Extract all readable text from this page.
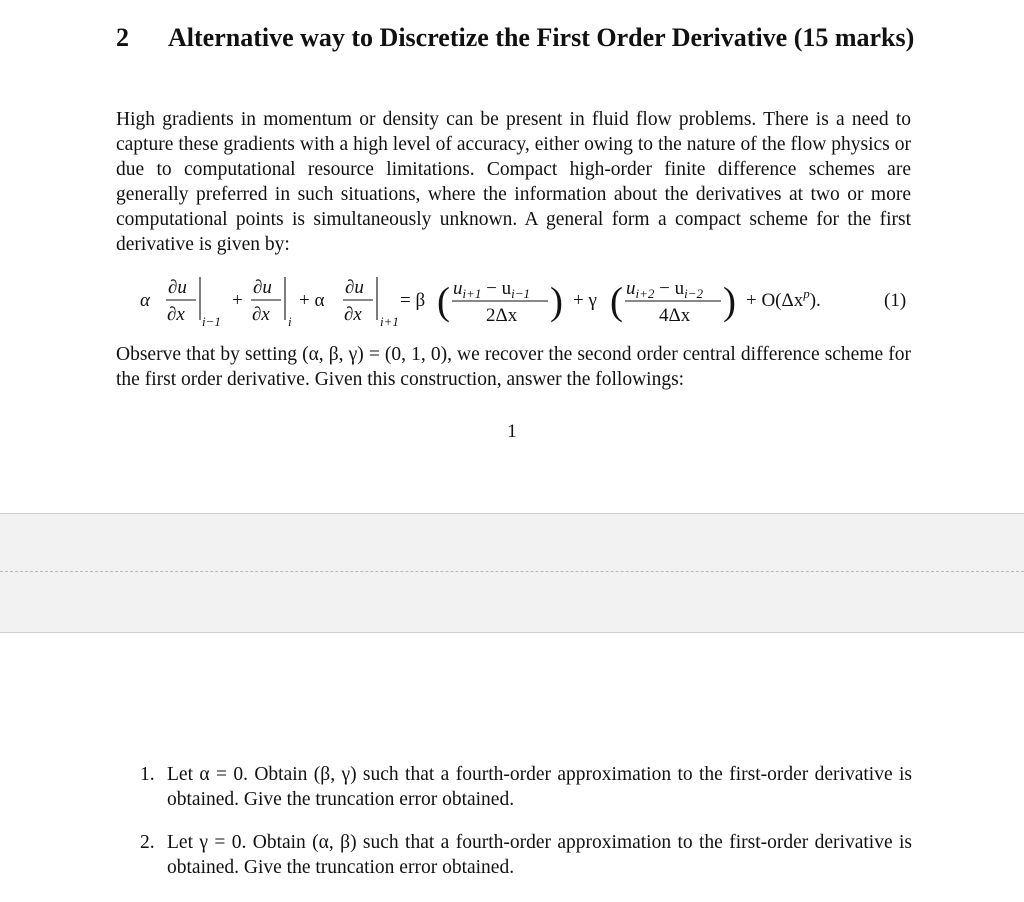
2 Alternative way to Discretize the First Order Derivative (15 marks)
High gradients in momentum or density can be present in fluid flow problems. There is a need to capture these gradients with a high level of accuracy, either owing to the nature of the flow physics or due to computational resource limitations. Compact high-order finite difference schemes are generally preferred in such situations, where the information about the derivatives at two or more computational points is simultaneously unknown. A general form a compact scheme for the first derivative is given by:
α
∂u
∂x i−1
+
∂u
∂x i
+ α
∂u
∂x i+1
= β ( $u_{i+1} - u_{i-1}$
2Δx ) + γ ( $u_{i+2} - u_{i-2}$
4Δx ) + $O(\Delta x^p)$.	(1)
Observe that by setting (α, β, γ) = (0, 1, 0), we recover the second order central difference scheme for the first order derivative. Given this construction, answer the followings:
1
1. Let α = 0. Obtain (β, γ) such that a fourth-order approximation to the first-order derivative is obtained. Give the truncation error obtained.
2. Let γ = 0. Obtain (α, β) such that a fourth-order approximation to the first-order derivative is obtained. Give the truncation error obtained.
